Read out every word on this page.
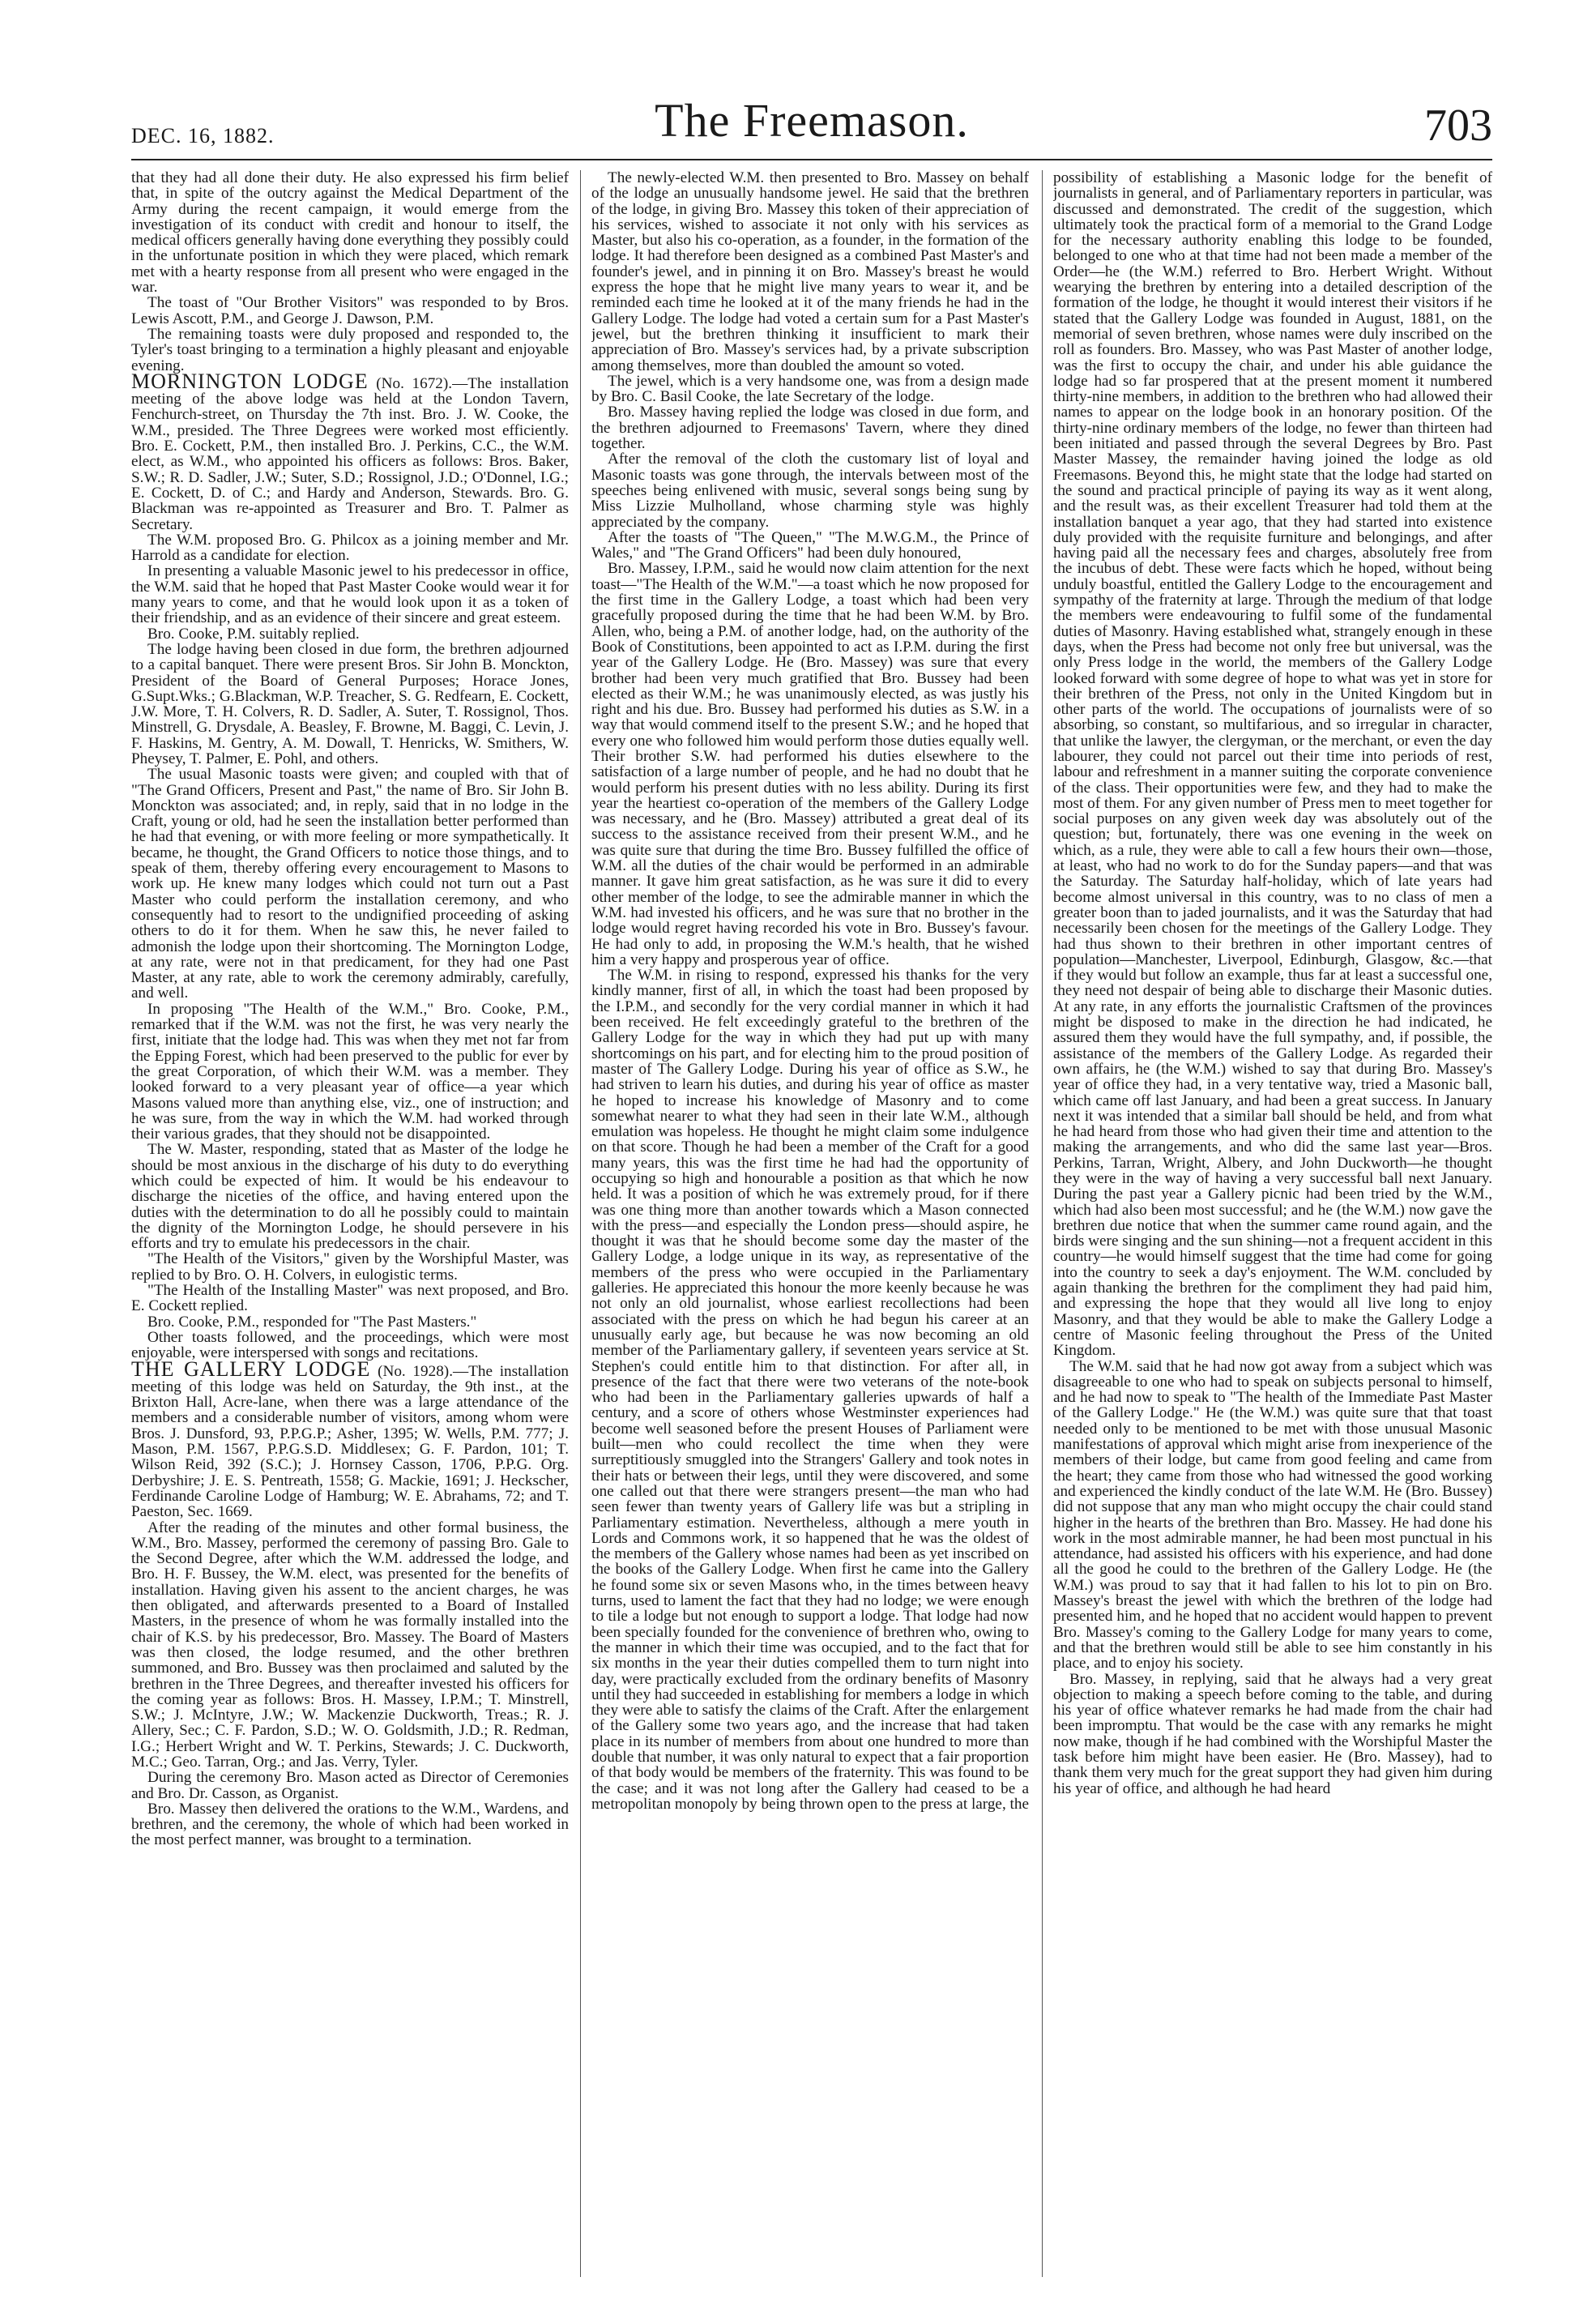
DEC. 16, 1882.	The Freemason.	703

that they had all done their duty. He also expressed his firm belief that, in spite of the outcry against the Medical Department of the Army during the recent campaign, it would emerge from the investigation of its conduct with credit and honour to itself, the medical officers generally having done everything they possibly could in the unfortunate position in which they were placed, which remark met with a hearty response from all present who were engaged in the war.

The toast of "Our Brother Visitors" was responded to by Bros. Lewis Ascott, P.M., and George J. Dawson, P.M.

The remaining toasts were duly proposed and responded to, the Tyler's toast bringing to a termination a highly pleasant and enjoyable evening.

MORNINGTON LODGE (No. 1672).—The installation meeting of the above lodge was held at the London Tavern, Fenchurch-street, on Thursday the 7th inst. Bro. J. W. Cooke, the W.M., presided. The Three Degrees were worked most efficiently. Bro. E. Cockett, P.M., then installed Bro. J. Perkins, C.C., the W.M. elect, as W.M., who appointed his officers as follows: Bros. Baker, S.W.; R. D. Sadler, J.W.; Suter, S.D.; Rossignol, J.D.; O'Donnel, I.G.; E. Cockett, D. of C.; and Hardy and Anderson, Stewards. Bro. G. Blackman was re-appointed as Treasurer and Bro. T. Palmer as Secretary.

The W.M. proposed Bro. G. Philcox as a joining member and Mr. Harrold as a candidate for election.

In presenting a valuable Masonic jewel to his predecessor in office, the W.M. said that he hoped that Past Master Cooke would wear it for many years to come, and that he would look upon it as a token of their friendship, and as an evidence of their sincere and great esteem.

Bro. Cooke, P.M. suitably replied.

The lodge having been closed in due form, the brethren adjourned to a capital banquet. There were present Bros. Sir John B. Monckton, President of the Board of General Purposes; Horace Jones, G.Supt.Wks.; G.Blackman, W.P. Treacher, S. G. Redfearn, E. Cockett, J.W. More, T. H. Colvers, R. D. Sadler, A. Suter, T. Rossignol, Thos. Minstrell, G. Drysdale, A. Beasley, F. Browne, M. Baggi, C. Levin, J. F. Haskins, M. Gentry, A. M. Dowall, T. Henricks, W. Smithers, W. Pheysey, T. Palmer, E. Pohl, and others.

The usual Masonic toasts were given; and coupled with that of "The Grand Officers, Present and Past," the name of Bro. Sir John B. Monckton was associated; and, in reply, said that in no lodge in the Craft, young or old, had he seen the installation better performed than he had that evening, or with more feeling or more sympathetically. It became, he thought, the Grand Officers to notice those things, and to speak of them, thereby offering every encouragement to Masons to work up. He knew many lodges which could not turn out a Past Master who could perform the installation ceremony, and who consequently had to resort to the undignified proceeding of asking others to do it for them. When he saw this, he never failed to admonish the lodge upon their shortcoming. The Mornington Lodge, at any rate, were not in that predicament, for they had one Past Master, at any rate, able to work the ceremony admirably, carefully, and well.

In proposing "The Health of the W.M.," Bro. Cooke, P.M., remarked that if the W.M. was not the first, he was very nearly the first, initiate that the lodge had. This was when they met not far from the Epping Forest, which had been preserved to the public for ever by the great Corporation, of which their W.M. was a member. They looked forward to a very pleasant year of office—a year which Masons valued more than anything else, viz., one of instruction; and he was sure, from the way in which the W.M. had worked through their various grades, that they should not be disappointed.

The W. Master, responding, stated that as Master of the lodge he should be most anxious in the discharge of his duty to do everything which could be expected of him. It would be his endeavour to discharge the niceties of the office, and having entered upon the duties with the determination to do all he possibly could to maintain the dignity of the Mornington Lodge, he should persevere in his efforts and try to emulate his predecessors in the chair.

"The Health of the Visitors," given by the Worshipful Master, was replied to by Bro. O. H. Colvers, in eulogistic terms.

"The Health of the Installing Master" was next proposed, and Bro. E. Cockett replied.

Bro. Cooke, P.M., responded for "The Past Masters."

Other toasts followed, and the proceedings, which were most enjoyable, were interspersed with songs and recitations.

THE GALLERY LODGE (No. 1928).—The installation meeting of this lodge was held on Saturday, the 9th inst., at the Brixton Hall, Acre-lane, when there was a large attendance of the members and a considerable number of visitors, among whom were Bros. J. Dunsford, 93, P.P.G.P.; Asher, 1395; W. Wells, P.M. 777; J. Mason, P.M. 1567, P.P.G.S.D. Middlesex; G. F. Pardon, 101; T. Wilson Reid, 392 (S.C.); J. Hornsey Casson, 1706, P.P.G. Org. Derbyshire; J. E. S. Pentreath, 1558; G. Mackie, 1691; J. Heckscher, Ferdinande Caroline Lodge of Hamburg; W. E. Abrahams, 72; and T. Paeston, Sec. 1669.

After the reading of the minutes and other formal business, the W.M., Bro. Massey, performed the ceremony of passing Bro. Gale to the Second Degree, after which the W.M. addressed the lodge, and Bro. H. F. Bussey, the W.M. elect, was presented for the benefits of installation. Having given his assent to the ancient charges, he was then obligated, and afterwards presented to a Board of Installed Masters, in the presence of whom he was formally installed into the chair of K.S. by his predecessor, Bro. Massey. The Board of Masters was then closed, the lodge resumed, and the other brethren summoned, and Bro. Bussey was then proclaimed and saluted by the brethren in the Three Degrees, and thereafter invested his officers for the coming year as follows: Bros. H. Massey, I.P.M.; T. Minstrell, S.W.; J. McIntyre, J.W.; W. Mackenzie Duckworth, Treas.; R. J. Allery, Sec.; C. F. Pardon, S.D.; W. O. Goldsmith, J.D.; R. Redman, I.G.; Herbert Wright and W. T. Perkins, Stewards; J. C. Duckworth, M.C.; Geo. Tarran, Org.; and Jas. Verry, Tyler.

During the ceremony Bro. Mason acted as Director of Ceremonies and Bro. Dr. Casson, as Organist.

Bro. Massey then delivered the orations to the W.M., Wardens, and brethren, and the ceremony, the whole of which had been worked in the most perfect manner, was brought to a termination.

The newly-elected W.M. then presented to Bro. Massey on behalf of the lodge an unusually handsome jewel. He said that the brethren of the lodge, in giving Bro. Massey this token of their appreciation of his services, wished to associate it not only with his services as Master, but also his co-operation, as a founder, in the formation of the lodge. It had therefore been designed as a combined Past Master's and founder's jewel, and in pinning it on Bro. Massey's breast he would express the hope that he might live many years to wear it, and be reminded each time he looked at it of the many friends he had in the Gallery Lodge. The lodge had voted a certain sum for a Past Master's jewel, but the brethren thinking it insufficient to mark their appreciation of Bro. Massey's services had, by a private subscription among themselves, more than doubled the amount so voted.

The jewel, which is a very handsome one, was from a design made by Bro. C. Basil Cooke, the late Secretary of the lodge.

Bro. Massey having replied the lodge was closed in due form, and the brethren adjourned to Freemasons' Tavern, where they dined together.

After the removal of the cloth the customary list of loyal and Masonic toasts was gone through, the intervals between most of the speeches being enlivened with music, several songs being sung by Miss Lizzie Mulholland, whose charming style was highly appreciated by the company.

After the toasts of "The Queen," "The M.W.G.M., the Prince of Wales," and "The Grand Officers" had been duly honoured,

Bro. Massey, I.P.M., said he would now claim attention for the next toast—"The Health of the W.M."—a toast which he now proposed for the first time in the Gallery Lodge, a toast which had been very gracefully proposed during the time that he had been W.M. by Bro. Allen, who, being a P.M. of another lodge, had, on the authority of the Book of Constitutions, been appointed to act as I.P.M. during the first year of the Gallery Lodge. He (Bro. Massey) was sure that every brother had been very much gratified that Bro. Bussey had been elected as their W.M.; he was unanimously elected, as was justly his right and his due. Bro. Bussey had performed his duties as S.W. in a way that would commend itself to the present S.W.; and he hoped that every one who followed him would perform those duties equally well. Their brother S.W. had performed his duties elsewhere to the satisfaction of a large number of people, and he had no doubt that he would perform his present duties with no less ability. During its first year the heartiest co-operation of the members of the Gallery Lodge was necessary, and he (Bro. Massey) attributed a great deal of its success to the assistance received from their present W.M., and he was quite sure that during the time Bro. Bussey fulfilled the office of W.M. all the duties of the chair would be performed in an admirable manner. It gave him great satisfaction, as he was sure it did to every other member of the lodge, to see the admirable manner in which the W.M. had invested his officers, and he was sure that no brother in the lodge would regret having recorded his vote in Bro. Bussey's favour. He had only to add, in proposing the W.M.'s health, that he wished him a very happy and prosperous year of office.

The W.M. in rising to respond, expressed his thanks for the very kindly manner, first of all, in which the toast had been proposed by the I.P.M., and secondly for the very cordial manner in which it had been received. He felt exceedingly grateful to the brethren of the Gallery Lodge for the way in which they had put up with many shortcomings on his part, and for electing him to the proud position of master of The Gallery Lodge. During his year of office as S.W., he had striven to learn his duties, and during his year of office as master he hoped to increase his knowledge of Masonry and to come somewhat nearer to what they had seen in their late W.M., although emulation was hopeless. He thought he might claim some indulgence on that score. Though he had been a member of the Craft for a good many years, this was the first time he had had the opportunity of occupying so high and honourable a position as that which he now held. It was a position of which he was extremely proud, for if there was one thing more than another towards which a Mason connected with the press—and especially the London press—should aspire, he thought it was that he should become some day the master of the Gallery Lodge, a lodge unique in its way, as representative of the members of the press who were occupied in the Parliamentary galleries. He appreciated this honour the more keenly because he was not only an old journalist, whose earliest recollections had been associated with the press on which he had begun his career at an unusually early age, but because he was now becoming an old member of the Parliamentary gallery, if seventeen years service at St. Stephen's could entitle him to that distinction. For after all, in presence of the fact that there were two veterans of the note-book who had been in the Parliamentary galleries upwards of half a century, and a score of others whose Westminster experiences had become well seasoned before the present Houses of Parliament were built—men who could recollect the time when they were surreptitiously smuggled into the Strangers' Gallery and took notes in their hats or between their legs, until they were discovered, and some one called out that there were strangers present—the man who had seen fewer than twenty years of Gallery life was but a stripling in Parliamentary estimation. Nevertheless, although a mere youth in Lords and Commons work, it so happened that he was the oldest of the members of the Gallery whose names had been as yet inscribed on the books of the Gallery Lodge. When first he came into the Gallery he found some six or seven Masons who, in the times between heavy turns, used to lament the fact that they had no lodge; we were enough to tile a lodge but not enough to support a lodge. That lodge had now been specially founded for the convenience of brethren who, owing to the manner in which their time was occupied, and to the fact that for six months in the year their duties compelled them to turn night into day, were practically excluded from the ordinary benefits of Masonry until they had succeeded in establishing for members a lodge in which they were able to satisfy the claims of the Craft. After the enlargement of the Gallery some two years ago, and the increase that had taken place in its number of members from about one hundred to more than double that number, it was only natural to expect that a fair proportion of that body would be members of the fraternity. This was found to be the case; and it was not long after the Gallery had ceased to be a metropolitan monopoly by being thrown open to the press at large, the

possibility of establishing a Masonic lodge for the benefit of journalists in general, and of Parliamentary reporters in particular, was discussed and demonstrated. The credit of the suggestion, which ultimately took the practical form of a memorial to the Grand Lodge for the necessary authority enabling this lodge to be founded, belonged to one who at that time had not been made a member of the Order—he (the W.M.) referred to Bro. Herbert Wright. Without wearying the brethren by entering into a detailed description of the formation of the lodge, he thought it would interest their visitors if he stated that the Gallery Lodge was founded in August, 1881, on the memorial of seven brethren, whose names were duly inscribed on the roll as founders. Bro. Massey, who was Past Master of another lodge, was the first to occupy the chair, and under his able guidance the lodge had so far prospered that at the present moment it numbered thirty-nine members, in addition to the brethren who had allowed their names to appear on the lodge book in an honorary position. Of the thirty-nine ordinary members of the lodge, no fewer than thirteen had been initiated and passed through the several Degrees by Bro. Past Master Massey, the remainder having joined the lodge as old Freemasons. Beyond this, he might state that the lodge had started on the sound and practical principle of paying its way as it went along, and the result was, as their excellent Treasurer had told them at the installation banquet a year ago, that they had started into existence duly provided with the requisite furniture and belongings, and after having paid all the necessary fees and charges, absolutely free from the incubus of debt. These were facts which he hoped, without being unduly boastful, entitled the Gallery Lodge to the encouragement and sympathy of the fraternity at large. Through the medium of that lodge the members were endeavouring to fulfil some of the fundamental duties of Masonry. Having established what, strangely enough in these days, when the Press had become not only free but universal, was the only Press lodge in the world, the members of the Gallery Lodge looked forward with some degree of hope to what was yet in store for their brethren of the Press, not only in the United Kingdom but in other parts of the world. The occupations of journalists were of so absorbing, so constant, so multifarious, and so irregular in character, that unlike the lawyer, the clergyman, or the merchant, or even the day labourer, they could not parcel out their time into periods of rest, labour and refreshment in a manner suiting the corporate convenience of the class. Their opportunities were few, and they had to make the most of them. For any given number of Press men to meet together for social purposes on any given week day was absolutely out of the question; but, fortunately, there was one evening in the week on which, as a rule, they were able to call a few hours their own—those, at least, who had no work to do for the Sunday papers—and that was the Saturday. The Saturday half-holiday, which of late years had become almost universal in this country, was to no class of men a greater boon than to jaded journalists, and it was the Saturday that had necessarily been chosen for the meetings of the Gallery Lodge. They had thus shown to their brethren in other important centres of population—Manchester, Liverpool, Edinburgh, Glasgow, &c.—that if they would but follow an example, thus far at least a successful one, they need not despair of being able to discharge their Masonic duties. At any rate, in any efforts the journalistic Craftsmen of the provinces might be disposed to make in the direction he had indicated, he assured them they would have the full sympathy, and, if possible, the assistance of the members of the Gallery Lodge. As regarded their own affairs, he (the W.M.) wished to say that during Bro. Massey's year of office they had, in a very tentative way, tried a Masonic ball, which came off last January, and had been a great success. In January next it was intended that a similar ball should be held, and from what he had heard from those who had given their time and attention to the making the arrangements, and who did the same last year—Bros. Perkins, Tarran, Wright, Albery, and John Duckworth—he thought they were in the way of having a very successful ball next January. During the past year a Gallery picnic had been tried by the W.M., which had also been most successful; and he (the W.M.) now gave the brethren due notice that when the summer came round again, and the birds were singing and the sun shining—not a frequent accident in this country—he would himself suggest that the time had come for going into the country to seek a day's enjoyment. The W.M. concluded by again thanking the brethren for the compliment they had paid him, and expressing the hope that they would all live long to enjoy Masonry, and that they would be able to make the Gallery Lodge a centre of Masonic feeling throughout the Press of the United Kingdom.

The W.M. said that he had now got away from a subject which was disagreeable to one who had to speak on subjects personal to himself, and he had now to speak to "The health of the Immediate Past Master of the Gallery Lodge." He (the W.M.) was quite sure that that toast needed only to be mentioned to be met with those unusual Masonic manifestations of approval which might arise from inexperience of the members of their lodge, but came from good feeling and came from the heart; they came from those who had witnessed the good working and experienced the kindly conduct of the late W.M. He (Bro. Bussey) did not suppose that any man who might occupy the chair could stand higher in the hearts of the brethren than Bro. Massey. He had done his work in the most admirable manner, he had been most punctual in his attendance, had assisted his officers with his experience, and had done all the good he could to the brethren of the Gallery Lodge. He (the W.M.) was proud to say that it had fallen to his lot to pin on Bro. Massey's breast the jewel with which the brethren of the lodge had presented him, and he hoped that no accident would happen to prevent Bro. Massey's coming to the Gallery Lodge for many years to come, and that the brethren would still be able to see him constantly in his place, and to enjoy his society.

Bro. Massey, in replying, said that he always had a very great objection to making a speech before coming to the table, and during his year of office whatever remarks he had made from the chair had been impromptu. That would be the case with any remarks he might now make, though if he had combined with the Worshipful Master the task before him might have been easier. He (Bro. Massey), had to thank them very much for the great support they had given him during his year of office, and although he had heard
